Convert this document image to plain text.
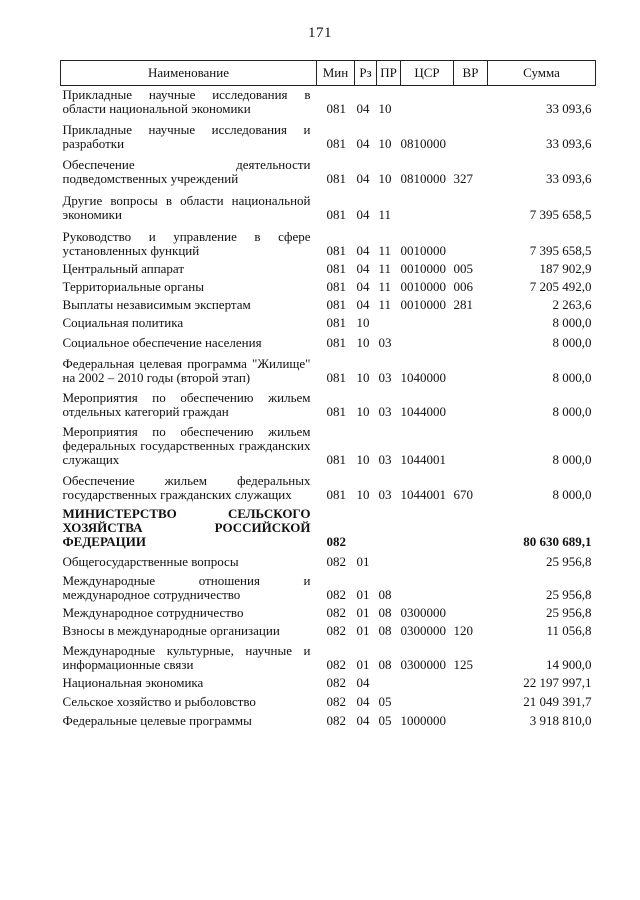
171
Наименование	Мин	Рз	ПР	ЦСР	ВР	Сумма
Прикладные научные исследования в области национальной экономики	081	04	10			33 093,6
Прикладные научные исследования и разработки	081	04	10	0810000		33 093,6
Обеспечение деятельности подведомственных учреждений	081	04	10	0810000	327	33 093,6
Другие вопросы в области национальной экономики	081	04	11			7 395 658,5
Руководство и управление в сфере установленных функций	081	04	11	0010000		7 395 658,5
Центральный аппарат	081	04	11	0010000	005	187 902,9
Территориальные органы	081	04	11	0010000	006	7 205 492,0
Выплаты независимым экспертам	081	04	11	0010000	281	2 263,6
Социальная политика	081	10				8 000,0
Социальное обеспечение населения	081	10	03			8 000,0
Федеральная целевая программа "Жилище" на 2002 – 2010 годы (второй этап)	081	10	03	1040000		8 000,0
Мероприятия по обеспечению жильем отдельных категорий граждан	081	10	03	1044000		8 000,0
Мероприятия по обеспечению жильем федеральных государственных гражданских служащих	081	10	03	1044001		8 000,0
Обеспечение жильем федеральных государственных гражданских служащих	081	10	03	1044001	670	8 000,0
МИНИСТЕРСТВО СЕЛЬСКОГО ХОЗЯЙСТВА РОССИЙСКОЙ ФЕДЕРАЦИИ	082					80 630 689,1
Общегосударственные вопросы	082	01				25 956,8
Международные отношения и международное сотрудничество	082	01	08			25 956,8
Международное сотрудничество	082	01	08	0300000		25 956,8
Взносы в международные организации	082	01	08	0300000	120	11 056,8
Международные культурные, научные и информационные связи	082	01	08	0300000	125	14 900,0
Национальная экономика	082	04				22 197 997,1
Сельское хозяйство и рыболовство	082	04	05			21 049 391,7
Федеральные целевые программы	082	04	05	1000000		3 918 810,0
